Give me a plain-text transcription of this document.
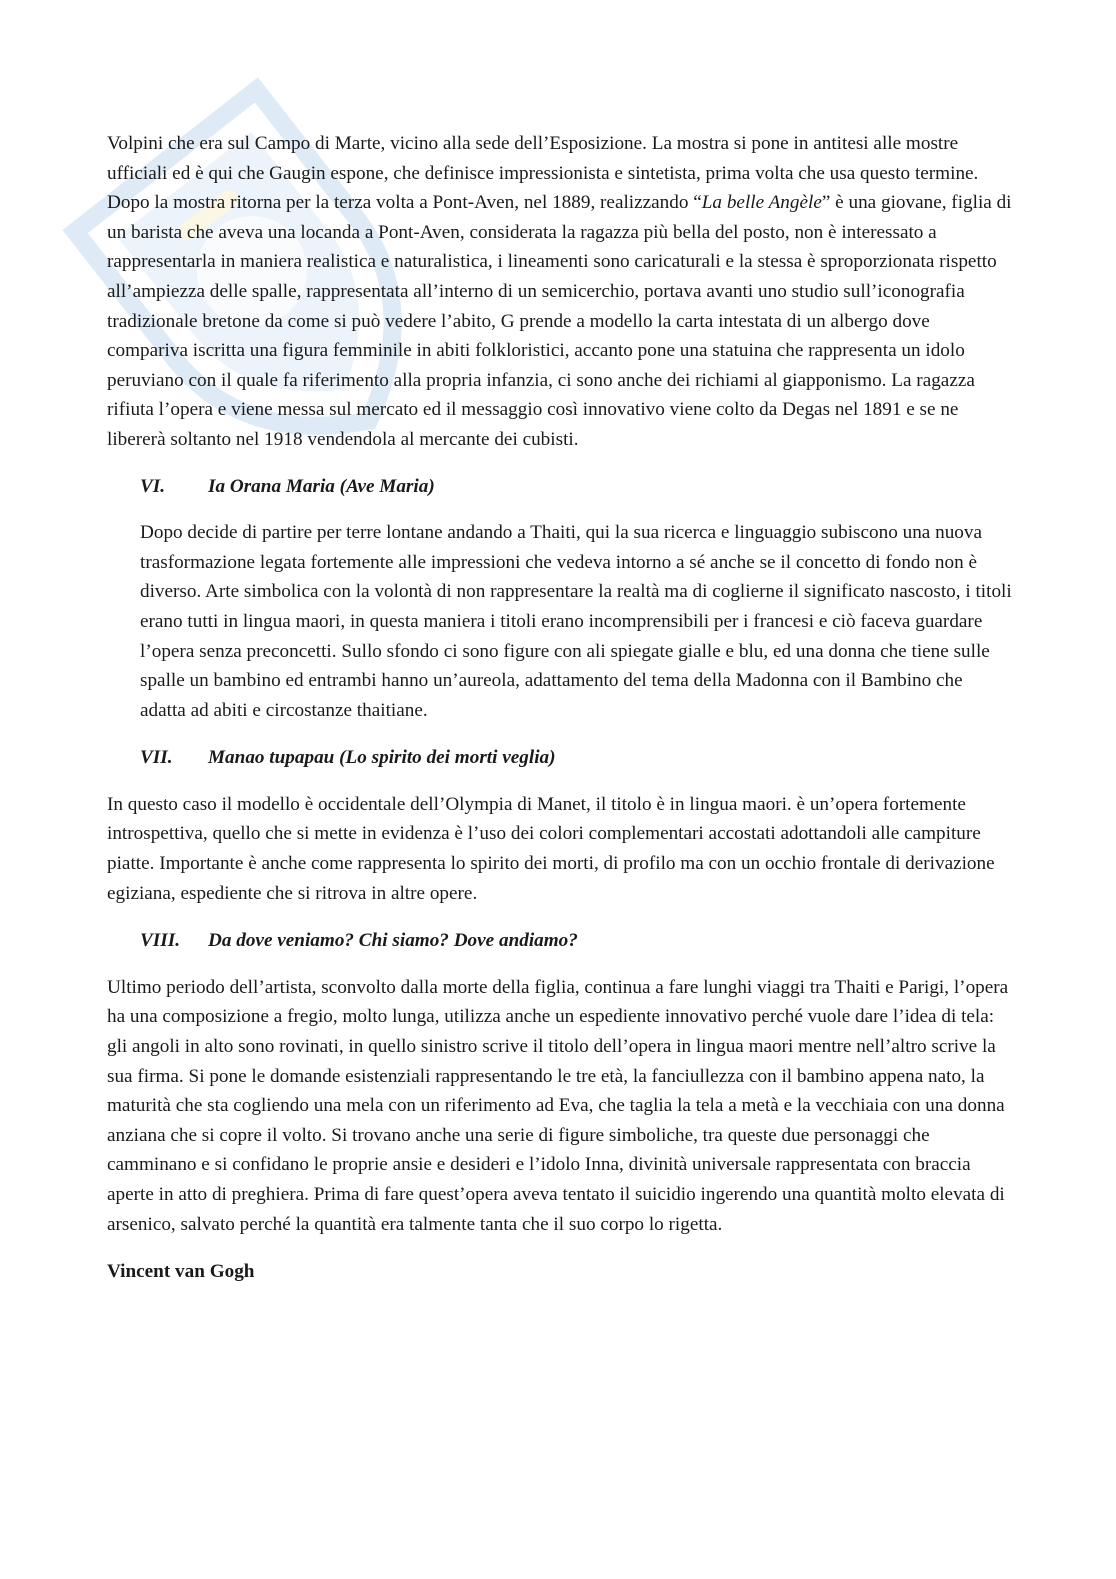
Volpini che era sul Campo di Marte, vicino alla sede dell’Esposizione. La mostra si pone in antitesi alle mostre ufficiali ed è qui che Gaugin espone, che definisce impressionista e sintetista, prima volta che usa questo termine. Dopo la mostra ritorna per la terza volta a Pont-Aven, nel 1889, realizzando “La belle Angèle” è una giovane, figlia di un barista che aveva una locanda a Pont-Aven, considerata la ragazza più bella del posto, non è interessato a rappresentarla in maniera realistica e naturalistica, i lineamenti sono caricaturali e la stessa è sproporzionata rispetto all’ampiezza delle spalle, rappresentata all’interno di un semicerchio, portava avanti uno studio sull’iconografia tradizionale bretone da come si può vedere l’abito, G prende a modello la carta intestata di un albergo dove compariva iscritta una figura femminile in abiti folkloristici, accanto pone una statuina che rappresenta un idolo peruviano con il quale fa riferimento alla propria infanzia, ci sono anche dei richiami al giapponismo. La ragazza rifiuta l’opera e viene messa sul mercato ed il messaggio così innovativo viene colto da Degas nel 1891 e se ne libererà soltanto nel 1918 vendendola al mercante dei cubisti.

VI.	Ia Orana Maria (Ave Maria)

Dopo decide di partire per terre lontane andando a Thaiti, qui la sua ricerca e linguaggio subiscono una nuova trasformazione legata fortemente alle impressioni che vedeva intorno a sé anche se il concetto di fondo non è diverso. Arte simbolica con la volontà di non rappresentare la realtà ma di coglierne il significato nascosto, i titoli erano tutti in lingua maori, in questa maniera i titoli erano incomprensibili per i francesi e ciò faceva guardare l’opera senza preconcetti. Sullo sfondo ci sono figure con ali spiegate gialle e blu, ed una donna che tiene sulle spalle un bambino ed entrambi hanno un’aureola, adattamento del tema della Madonna con il Bambino che adatta ad abiti e circostanze thaitiane.

VII.	Manao tupapau (Lo spirito dei morti veglia)

In questo caso il modello è occidentale dell’Olympia di Manet, il titolo è in lingua maori. è un’opera fortemente introspettiva, quello che si mette in evidenza è l’uso dei colori complementari accostati adottandoli alle campiture piatte. Importante è anche come rappresenta lo spirito dei morti, di profilo ma con un occhio frontale di derivazione egiziana, espediente che si ritrova in altre opere.

VIII.	Da dove veniamo? Chi siamo? Dove andiamo?

Ultimo periodo dell’artista, sconvolto dalla morte della figlia, continua a fare lunghi viaggi tra Thaiti e Parigi, l’opera ha una composizione a fregio, molto lunga, utilizza anche un espediente innovativo perché vuole dare l’idea di tela: gli angoli in alto sono rovinati, in quello sinistro scrive il titolo dell’opera in lingua maori mentre nell’altro scrive la sua firma. Si pone le domande esistenziali rappresentando le tre età, la fanciullezza con il bambino appena nato, la maturità che sta cogliendo una mela con un riferimento ad Eva, che taglia la tela a metà e la vecchiaia con una donna anziana che si copre il volto. Si trovano anche una serie di figure simboliche, tra queste due personaggi che camminano e si confidano le proprie ansie e desideri e l’idolo Inna, divinità universale rappresentata con braccia aperte in atto di preghiera. Prima di fare quest’opera aveva tentato il suicidio ingerendo una quantità molto elevata di arsenico, salvato perché la quantità era talmente tanta che il suo corpo lo rigetta.

Vincent van Gogh
